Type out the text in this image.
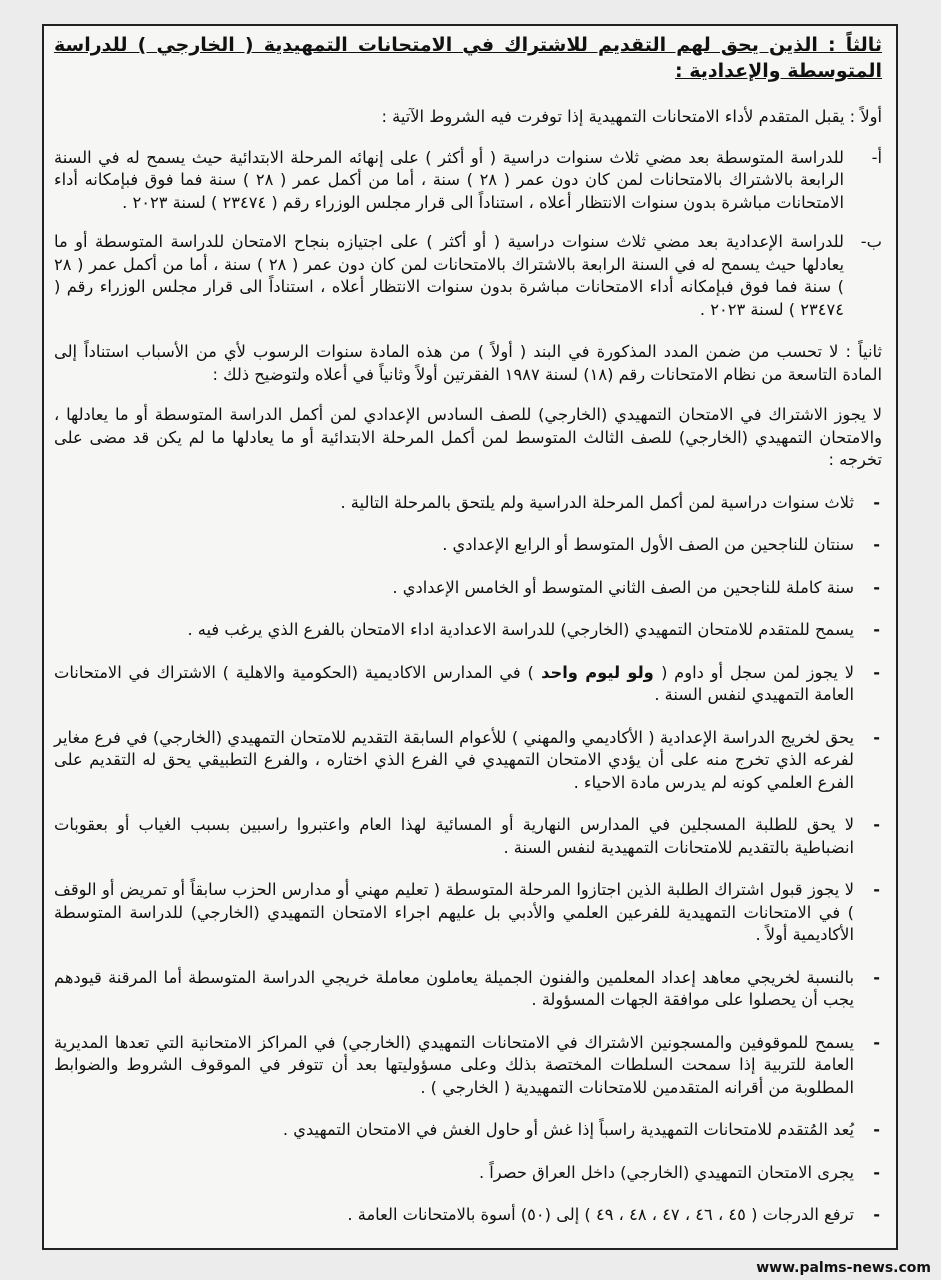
ثالثاً : الذين يحق لهم التقديم للاشتراك في الامتحانات التمهيدية ( الخارجي ) للدراسة المتوسطة والإعدادية :

أولاً : يقبل المتقدم لأداء الامتحانات التمهيدية إذا توفرت فيه الشروط الآتية :

أ-
للدراسة المتوسطة بعد مضي ثلاث سنوات دراسية ( أو أكثر ) على إنهائه المرحلة الابتدائية حيث يسمح له في السنة الرابعة بالاشتراك بالامتحانات لمن كان دون عمر ( ٢٨ ) سنة ، أما من أكمل عمر ( ٢٨ ) سنة فما فوق فبإمكانه أداء الامتحانات مباشرة بدون سنوات الانتظار أعلاه ، استناداً الى قرار مجلس الوزراء رقم ( ٢٣٤٧٤ ) لسنة ٢٠٢٣ .
ب-
للدراسة الإعدادية بعد مضي ثلاث سنوات دراسية ( أو أكثر ) على اجتيازه بنجاح الامتحان للدراسة المتوسطة أو ما يعادلها حيث يسمح له في السنة الرابعة بالاشتراك بالامتحانات لمن كان دون عمر ( ٢٨ ) سنة ، أما من أكمل عمر ( ٢٨ ) سنة فما فوق فبإمكانه أداء الامتحانات مباشرة بدون سنوات الانتظار أعلاه ، استناداً الى قرار مجلس الوزراء رقم ( ٢٣٤٧٤ ) لسنة ٢٠٢٣ .

ثانياً : لا تحسب من ضمن المدد المذكورة في البند ( أولاً ) من هذه المادة سنوات الرسوب لأي من الأسباب استناداً إلى المادة التاسعة من نظام الامتحانات رقم (١٨) لسنة ١٩٨٧ الفقرتين أولاً وثانياً في أعلاه ولتوضيح ذلك :

لا يجوز الاشتراك في الامتحان التمهيدي (الخارجي) للصف السادس الإعدادي لمن أكمل الدراسة المتوسطة أو ما يعادلها ، والامتحان التمهيدي (الخارجي) للصف الثالث المتوسط لمن أكمل المرحلة الابتدائية أو ما يعادلها ما لم يكن قد مضى على تخرجه :

-
ثلاث سنوات دراسية لمن أكمل المرحلة الدراسية ولم يلتحق بالمرحلة التالية .
-
سنتان للناجحين من الصف الأول المتوسط أو الرابع الإعدادي .
-
سنة كاملة للناجحين من الصف الثاني المتوسط أو الخامس الإعدادي .
-
يسمح للمتقدم للامتحان التمهيدي (الخارجي) للدراسة الاعدادية اداء الامتحان بالفرع الذي يرغب فيه .
-
لا يجوز لمن سجل أو داوم ( ولو ليوم واحد ) في المدارس الاكاديمية (الحكومية والاهلية ) الاشتراك في الامتحانات العامة التمهيدي لنفس السنة .
-
يحق لخريج الدراسة الإعدادية ( الأكاديمي والمهني ) للأعوام السابقة التقديم للامتحان التمهيدي (الخارجي) في فرع مغاير لفرعه الذي تخرج منه على أن يؤدي الامتحان التمهيدي في الفرع الذي اختاره ، والفرع التطبيقي يحق له التقديم على الفرع العلمي كونه لم يدرس مادة الاحياء .
-
لا يحق للطلبة المسجلين في المدارس النهارية أو المسائية لهذا العام واعتبروا راسبين بسبب الغياب أو بعقوبات انضباطية بالتقديم للامتحانات التمهيدية لنفس السنة .
-
لا يجوز قبول اشتراك الطلبة الذين اجتازوا المرحلة المتوسطة ( تعليم مهني أو مدارس الحزب سابقاً أو تمريض أو الوقف ) في الامتحانات التمهيدية للفرعين العلمي والأدبي بل عليهم اجراء الامتحان التمهيدي (الخارجي) للدراسة المتوسطة الأكاديمية أولاً .
-
بالنسبة لخريجي معاهد إعداد المعلمين والفنون الجميلة يعاملون معاملة خريجي الدراسة المتوسطة أما المرقنة قيودهم يجب أن يحصلوا على موافقة الجهات المسؤولة .
-
يسمح للموقوفين والمسجونين الاشتراك في الامتحانات التمهيدي (الخارجي) في المراكز الامتحانية التي تعدها المديرية العامة للتربية إذا سمحت السلطات المختصة بذلك وعلى مسؤوليتها بعد أن تتوفر في الموقوف الشروط والضوابط المطلوبة من أقرانه المتقدمين للامتحانات التمهيدية ( الخارجي ) .
-
يُعد المُتقدم للامتحانات التمهيدية راسباً إذا غش أو حاول الغش في الامتحان التمهيدي .
-
يجرى الامتحان التمهيدي (الخارجي) داخل العراق حصراً .
-
ترفع الدرجات ( ٤٥ ، ٤٦ ، ٤٧ ، ٤٨ ، ٤٩ ) إلى (٥٠) أسوة بالامتحانات العامة .
www.palms-news.com
